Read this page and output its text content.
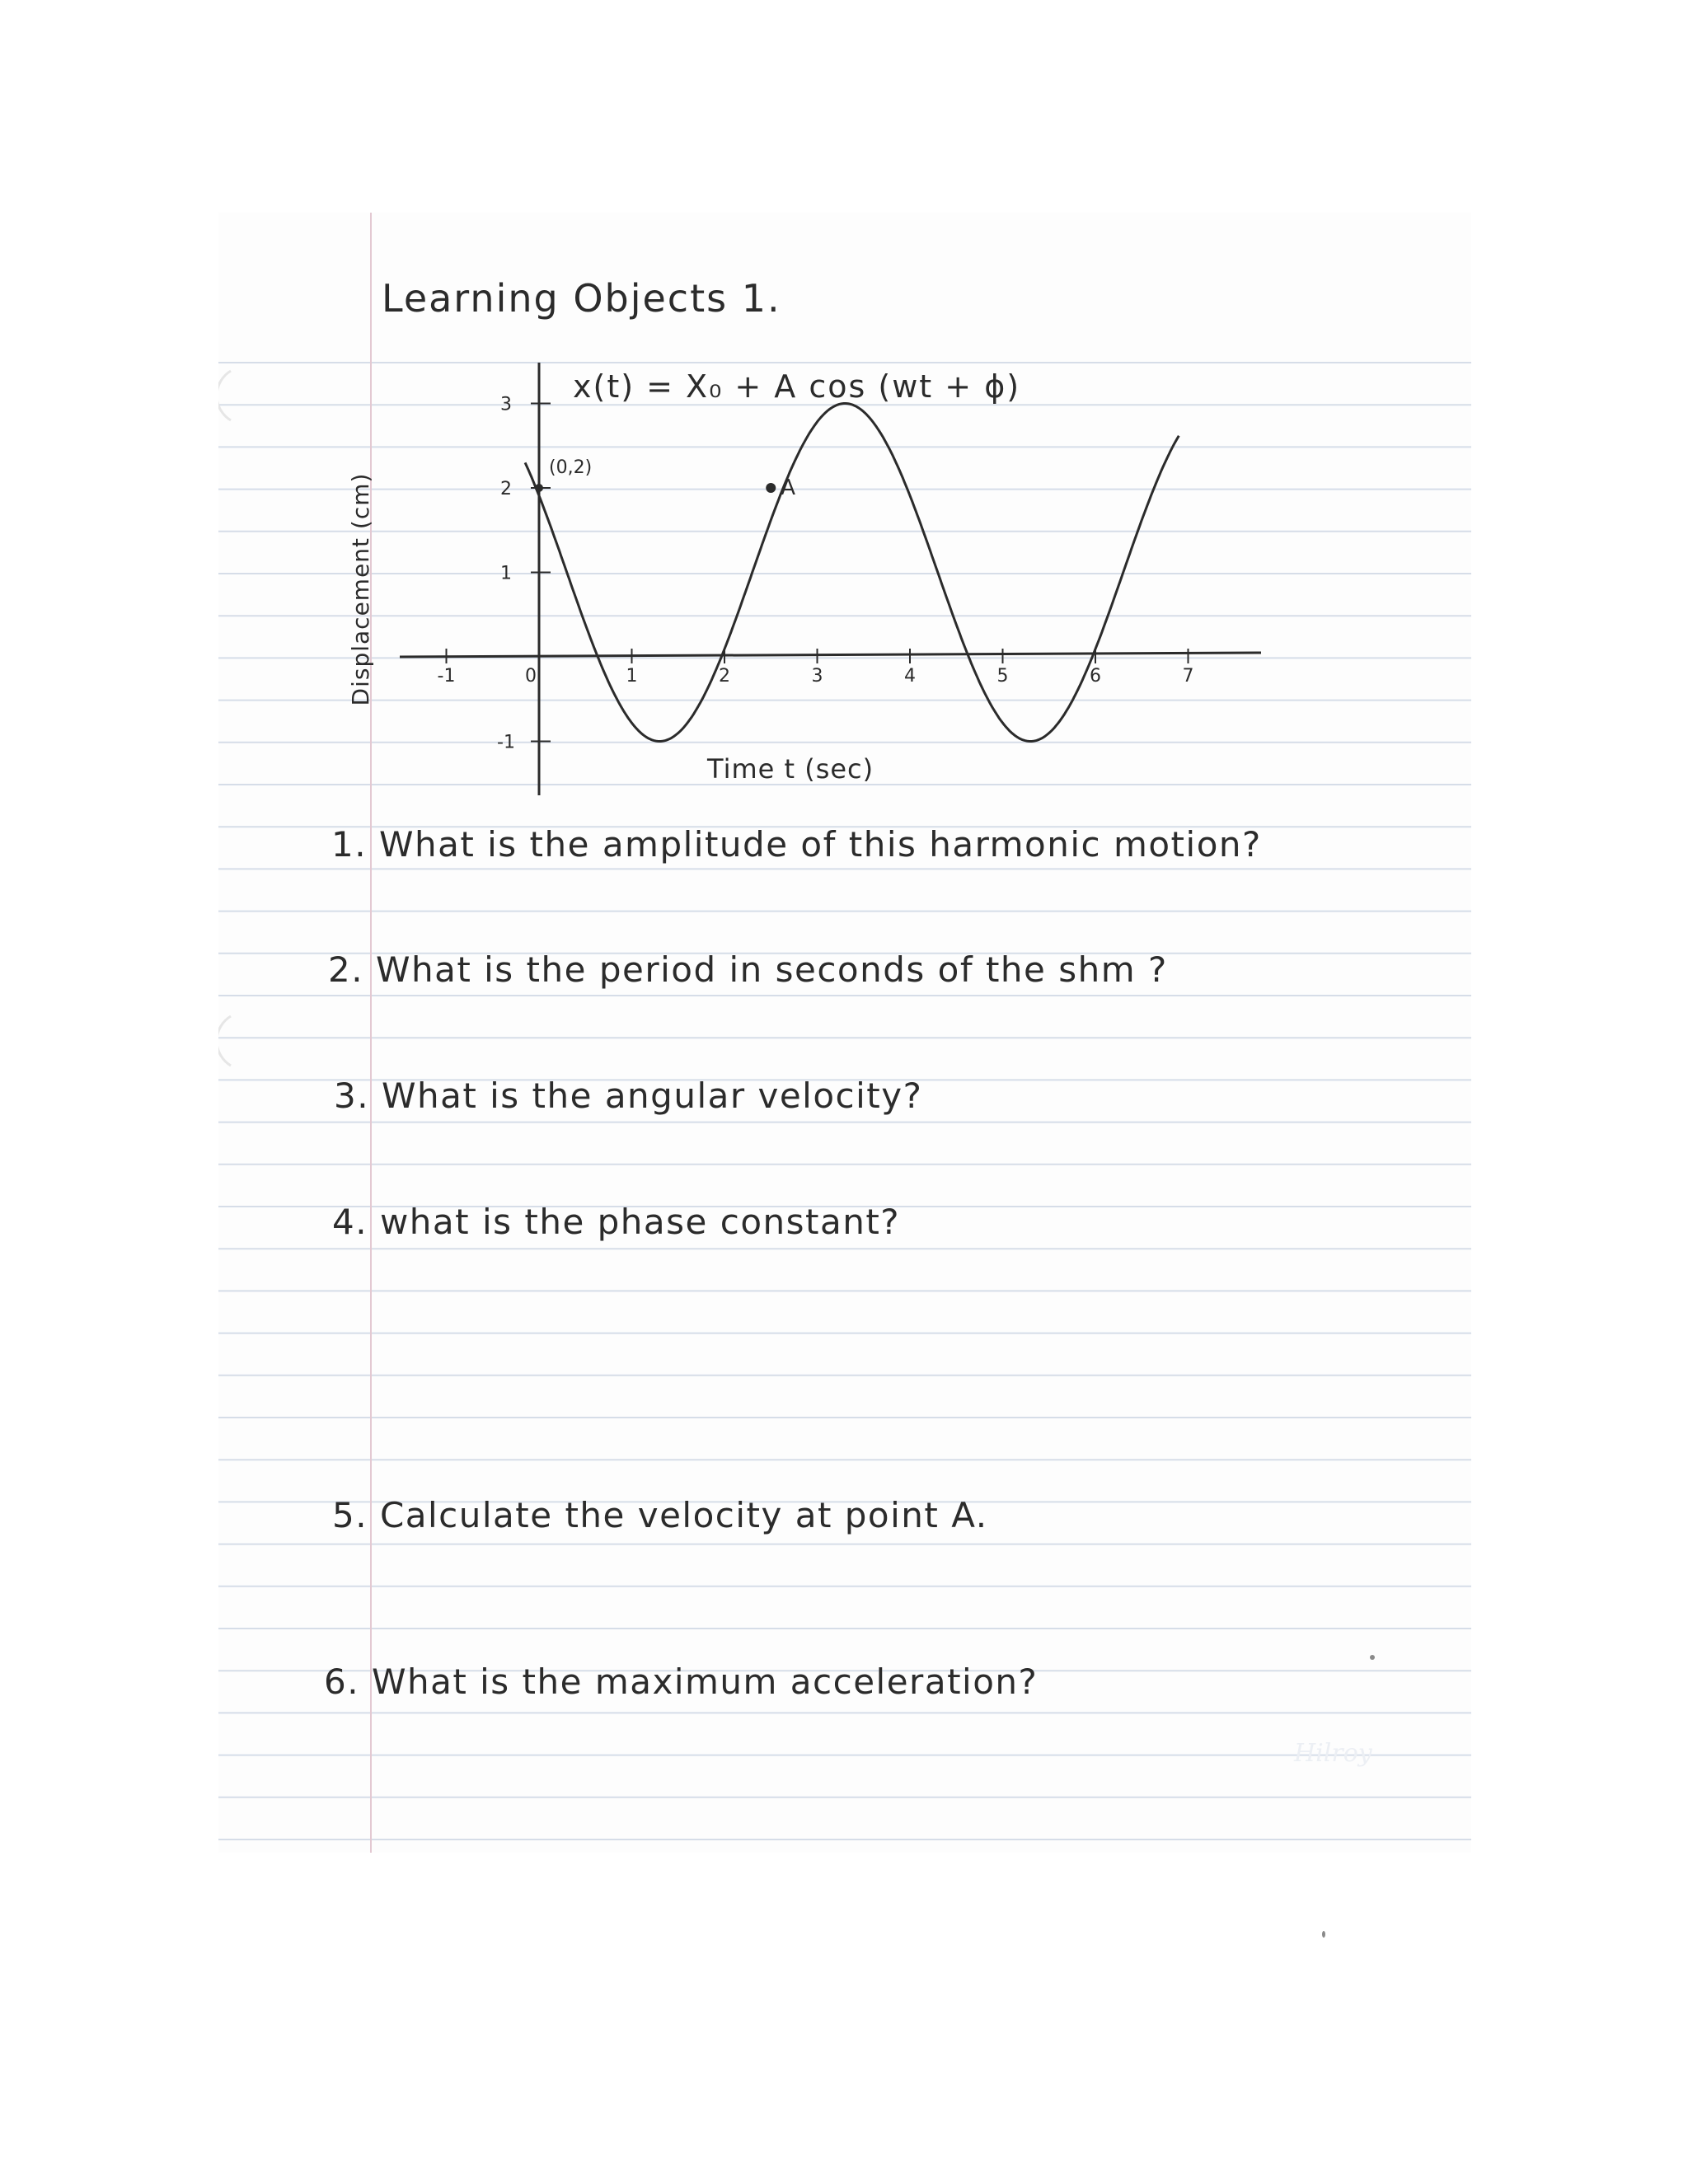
Hilroy
Learning Objects 1.
-1	0	1	2	3	4	5	6	7
3
2
1
-1
x(t) = X₀ + A cos (wt + ϕ)
(0,2)
A
Time t (sec)
Displacement (cm)
1. What is the amplitude of this harmonic motion?
2. What is the period in seconds of the shm ?
3. What is the angular velocity?
4. what is the phase constant?
5. Calculate the velocity at point A.
6. What is the maximum acceleration?
